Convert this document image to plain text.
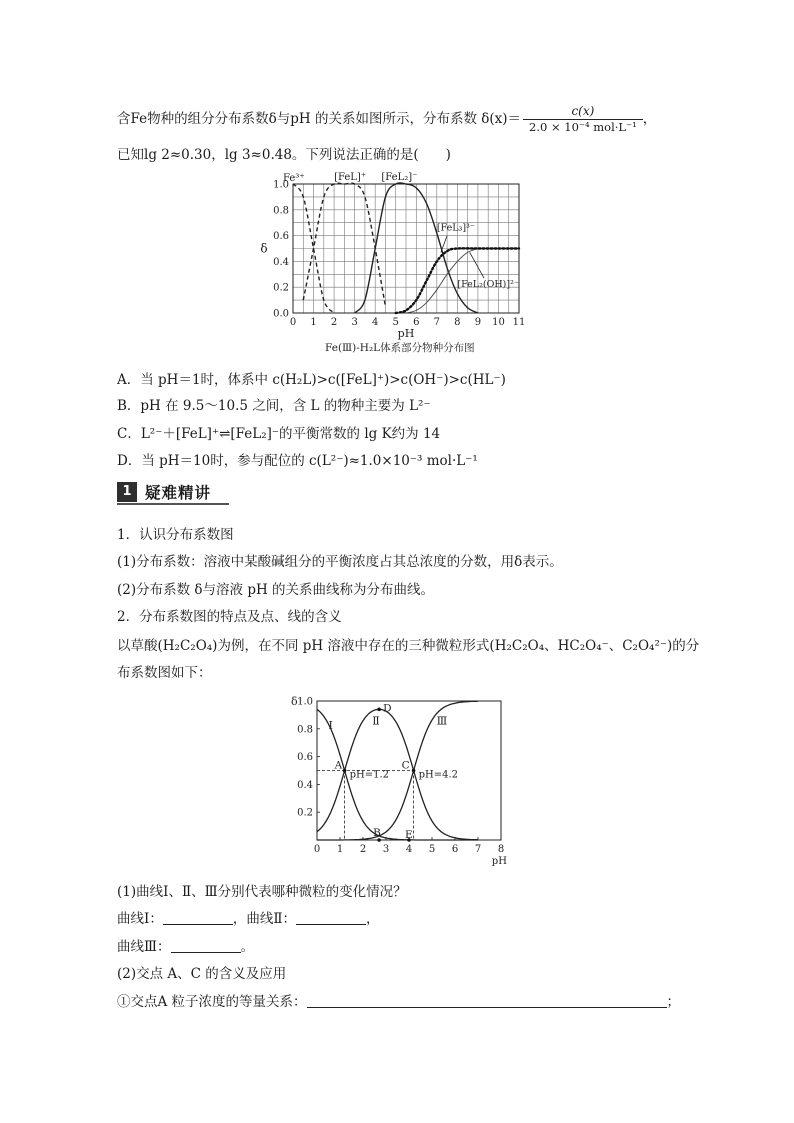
含Fe物种的组分分布系数δ与pH 的关系如图所示，分布系数 $\delta(x)= \frac{c(x)}{\text{2.0 × 10⁻⁴ mol·L⁻¹}}$ ，
已知lg 2≈0.30，lg 3≈0.48。下列说法正确的是(　　)
0 1 2 3 4 5 6 7 8 9 10 11
0.0
0.2
0.4
0.6
0.8
1.0
pH
δ
Fe(Ⅲ)-H₂L体系部分物种分布图
Fe³⁺	[FeL]⁺ [FeL₂]⁻
[FeL₃]³⁻
[FeL₂(OH)]²⁻
A．当 pH＝1时，体系中 c(H₂L)>c([FeL]⁺)>c(OH⁻)>c(HL⁻)
B．pH 在 9.5～10.5 之间，含 L 的物种主要为 L²⁻
C．L²⁻＋[FeL]⁺⇌[FeL₂]⁻的平衡常数的 lg K约为 14
D．当 pH＝10时，参与配位的 c(L²⁻)≈1.0×10⁻³ mol·L⁻¹
1 疑难精讲
1．认识分布系数图
(1)分布系数：溶液中某酸碱组分的平衡浓度占其总浓度的分数，用δ表示。
(2)分布系数 δ与溶液 pH 的关系曲线称为分布曲线。
2．分布系数图的特点及点、线的含义
以草酸(H₂C₂O₄)为例，在不同 pH 溶液中存在的三种微粒形式(H₂C₂O₄、HC₂O₄⁻、C₂O₄²⁻)的分
布系数图如下：
0 1 2 3 4 5 6 7 8
0.2
0.4
0.6
0.8
1.0
δ
pH
A
pH=1.2
B
C
pH=4.2
D
E
Ⅰ	Ⅱ	Ⅲ
(1)曲线Ⅰ、Ⅱ、Ⅲ分别代表哪种微粒的变化情况？
曲线Ⅰ：	，曲线Ⅱ：	，
曲线Ⅲ：	。
(2)交点 A、C 的含义及应用
①交点A 粒子浓度的等量关系：	；
